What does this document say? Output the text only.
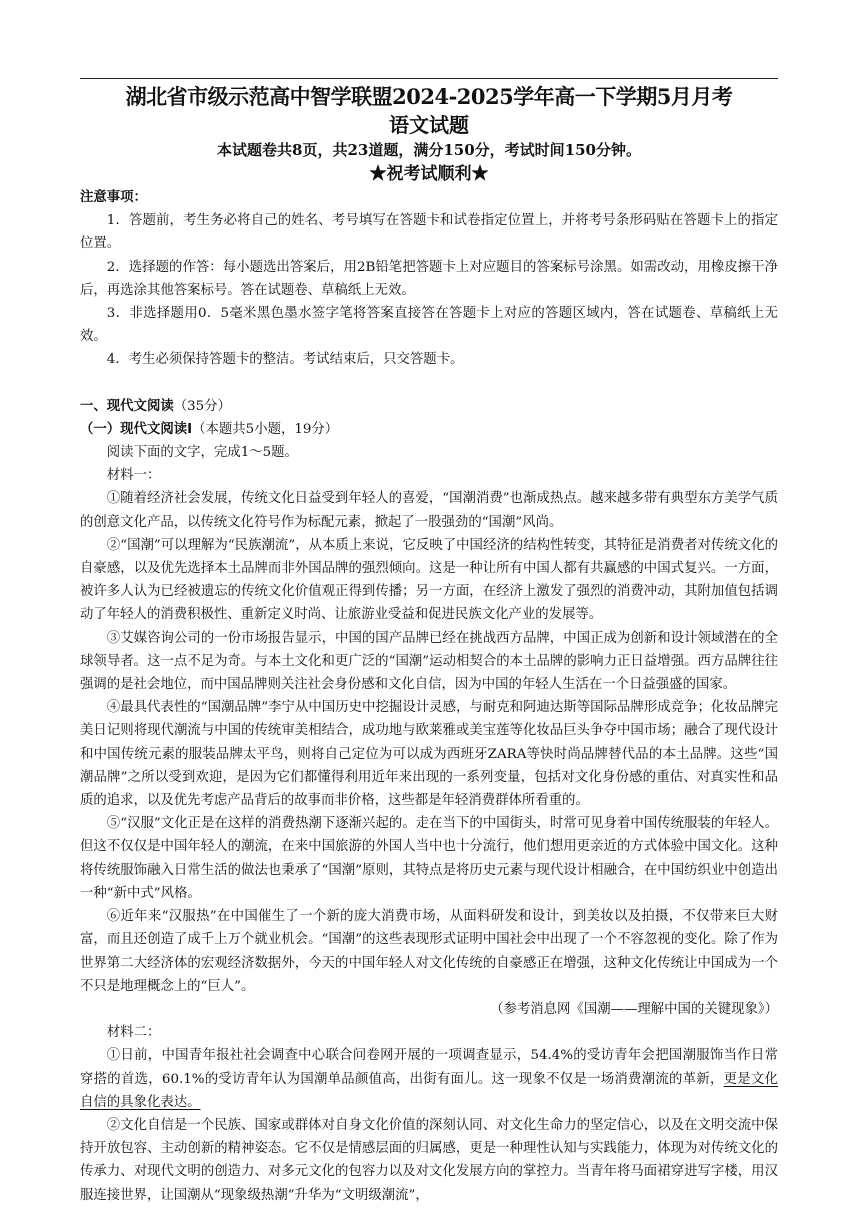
湖北省市级示范高中智学联盟2024-2025学年高一下学期5月月考
语文试题
本试题卷共8页，共23道题，满分150分，考试时间150分钟。
★祝考试顺利★

注意事项：

1．答题前，考生务必将自己的姓名、考号填写在答题卡和试卷指定位置上，并将考号条形码贴在答题卡上的指定位置。

2．选择题的作答：每小题选出答案后，用2B铅笔把答题卡上对应题目的答案标号涂黑。如需改动，用橡皮擦干净后，再选涂其他答案标号。答在试题卷、草稿纸上无效。

3．非选择题用0．5毫米黑色墨水签字笔将答案直接答在答题卡上对应的答题区域内，答在试题卷、草稿纸上无效。

4．考生必须保持答题卡的整洁。考试结束后，只交答题卡。

一、现代文阅读（35分）

（一）现代文阅读Ⅰ（本题共5小题，19分）

阅读下面的文字，完成1～5题。

材料一：

①随着经济社会发展，传统文化日益受到年轻人的喜爱，“国潮消费”也渐成热点。越来越多带有典型东方美学气质的创意文化产品，以传统文化符号作为标配元素，掀起了一股强劲的“国潮”风尚。

②“国潮”可以理解为“民族潮流”，从本质上来说，它反映了中国经济的结构性转变，其特征是消费者对传统文化的自豪感，以及优先选择本土品牌而非外国品牌的强烈倾向。这是一种让所有中国人都有共赢感的中国式复兴。一方面，被许多人认为已经被遗忘的传统文化价值观正得到传播；另一方面，在经济上激发了强烈的消费冲动，其附加值包括调动了年轻人的消费积极性、重新定义时尚、让旅游业受益和促进民族文化产业的发展等。

③艾媒咨询公司的一份市场报告显示，中国的国产品牌已经在挑战西方品牌，中国正成为创新和设计领域潜在的全球领导者。这一点不足为奇。与本土文化和更广泛的“国潮”运动相契合的本土品牌的影响力正日益增强。西方品牌往往强调的是社会地位，而中国品牌则关注社会身份感和文化自信，因为中国的年轻人生活在一个日益强盛的国家。

④最具代表性的“国潮品牌”李宁从中国历史中挖掘设计灵感，与耐克和阿迪达斯等国际品牌形成竞争；化妆品牌完美日记则将现代潮流与中国的传统审美相结合，成功地与欧莱雅或美宝莲等化妆品巨头争夺中国市场；融合了现代设计和中国传统元素的服装品牌太平鸟，则将自己定位为可以成为西班牙ZARA等快时尚品牌替代品的本土品牌。这些“国潮品牌”之所以受到欢迎，是因为它们都懂得利用近年来出现的一系列变量，包括对文化身份感的重估、对真实性和品质的追求，以及优先考虑产品背后的故事而非价格，这些都是年轻消费群体所看重的。

⑤“汉服”文化正是在这样的消费热潮下逐渐兴起的。走在当下的中国街头，时常可见身着中国传统服装的年轻人。但这不仅仅是中国年轻人的潮流，在来中国旅游的外国人当中也十分流行，他们想用更亲近的方式体验中国文化。这种将传统服饰融入日常生活的做法也秉承了“国潮”原则，其特点是将历史元素与现代设计相融合，在中国纺织业中创造出一种“新中式”风格。

⑥近年来“汉服热”在中国催生了一个新的庞大消费市场，从面料研发和设计，到美妆以及拍摄，不仅带来巨大财富，而且还创造了成千上万个就业机会。“国潮”的这些表现形式证明中国社会中出现了一个不容忽视的变化。除了作为世界第二大经济体的宏观经济数据外，今天的中国年轻人对文化传统的自豪感正在增强，这种文化传统让中国成为一个不只是地理概念上的“巨人”。

（参考消息网《国潮——理解中国的关键现象》）

材料二：

①日前，中国青年报社社会调查中心联合问卷网开展的一项调查显示，54.4%的受访青年会把国潮服饰当作日常穿搭的首选，60.1%的受访青年认为国潮单品颜值高，出街有面儿。这一现象不仅是一场消费潮流的革新，更是文化自信的具象化表达。

②文化自信是一个民族、国家或群体对自身文化价值的深刻认同、对文化生命力的坚定信心，以及在文明交流中保持开放包容、主动创新的精神姿态。它不仅是情感层面的归属感，更是一种理性认知与实践能力，体现为对传统文化的传承力、对现代文明的创造力、对多元文化的包容力以及对文化发展方向的掌控力。当青年将马面裙穿进写字楼，用汉服连接世界，让国潮从“现象级热潮”升华为“文明级潮流”，
